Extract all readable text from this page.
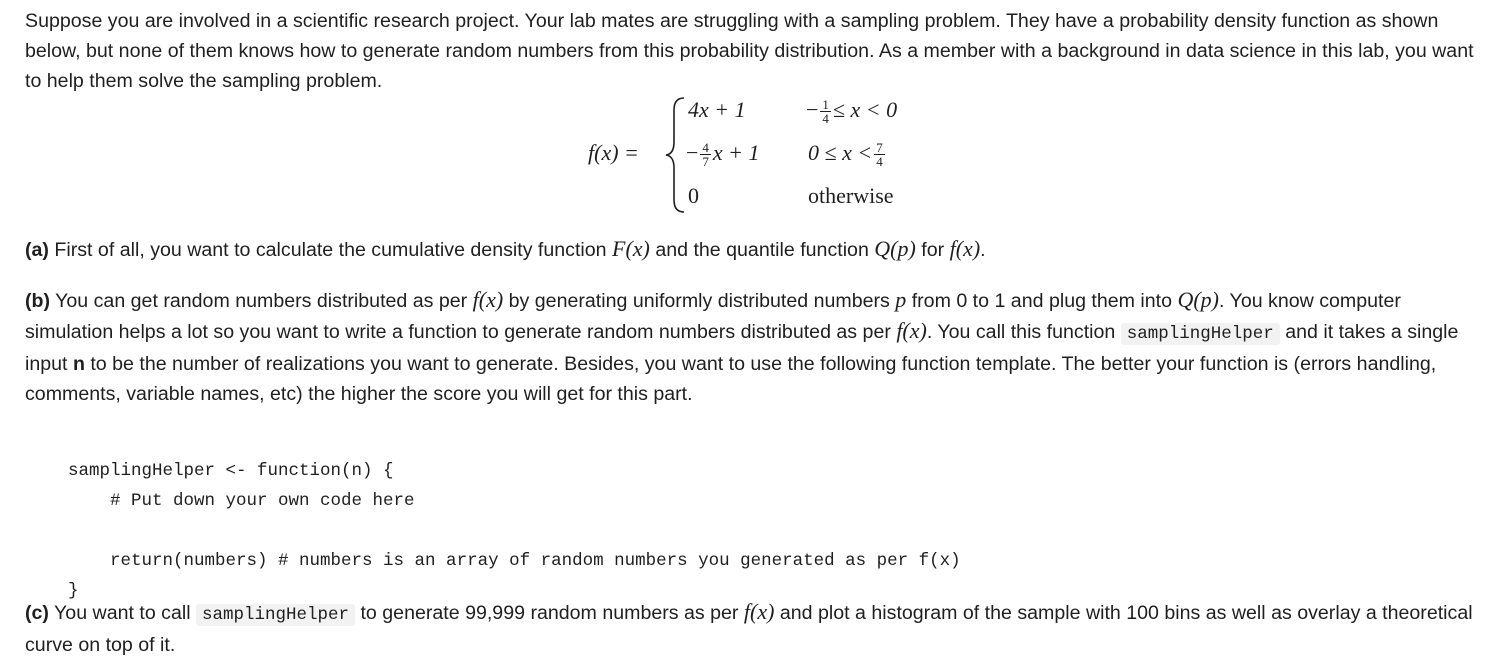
Suppose you are involved in a scientific research project. Your lab mates are struggling with a sampling problem. They have a probability density function as shown below, but none of them knows how to generate random numbers from this probability distribution. As a member with a background in data science in this lab, you want to help them solve the sampling problem.

f(x) =
4x + 1	− $\frac{1}{4} \le x < 0$
− $\frac{4}{7}$ x + 1 $0 \le x < \frac{7}{4}$
0	otherwise

(a) First of all, you want to calculate the cumulative density function F(x) and the quantile function Q(p) for f(x).

(b) You can get random numbers distributed as per f(x) by generating uniformly distributed numbers p from 0 to 1 and plug them into Q(p). You know computer simulation helps a lot so you want to write a function to generate random numbers distributed as per f(x). You call this function samplingHelper and it takes a single input n to be the number of realizations you want to generate. Besides, you want to use the following function template. The better your function is (errors handling, comments, variable names, etc) the higher the score you will get for this part.

samplingHelper <- function(n) {
# Put down your own code here
return(numbers) # numbers is an array of random numbers you generated as per f(x)
}

(c) You want to call samplingHelper to generate 99,999 random numbers as per f(x) and plot a histogram of the sample with 100 bins as well as overlay a theoretical curve on top of it.
